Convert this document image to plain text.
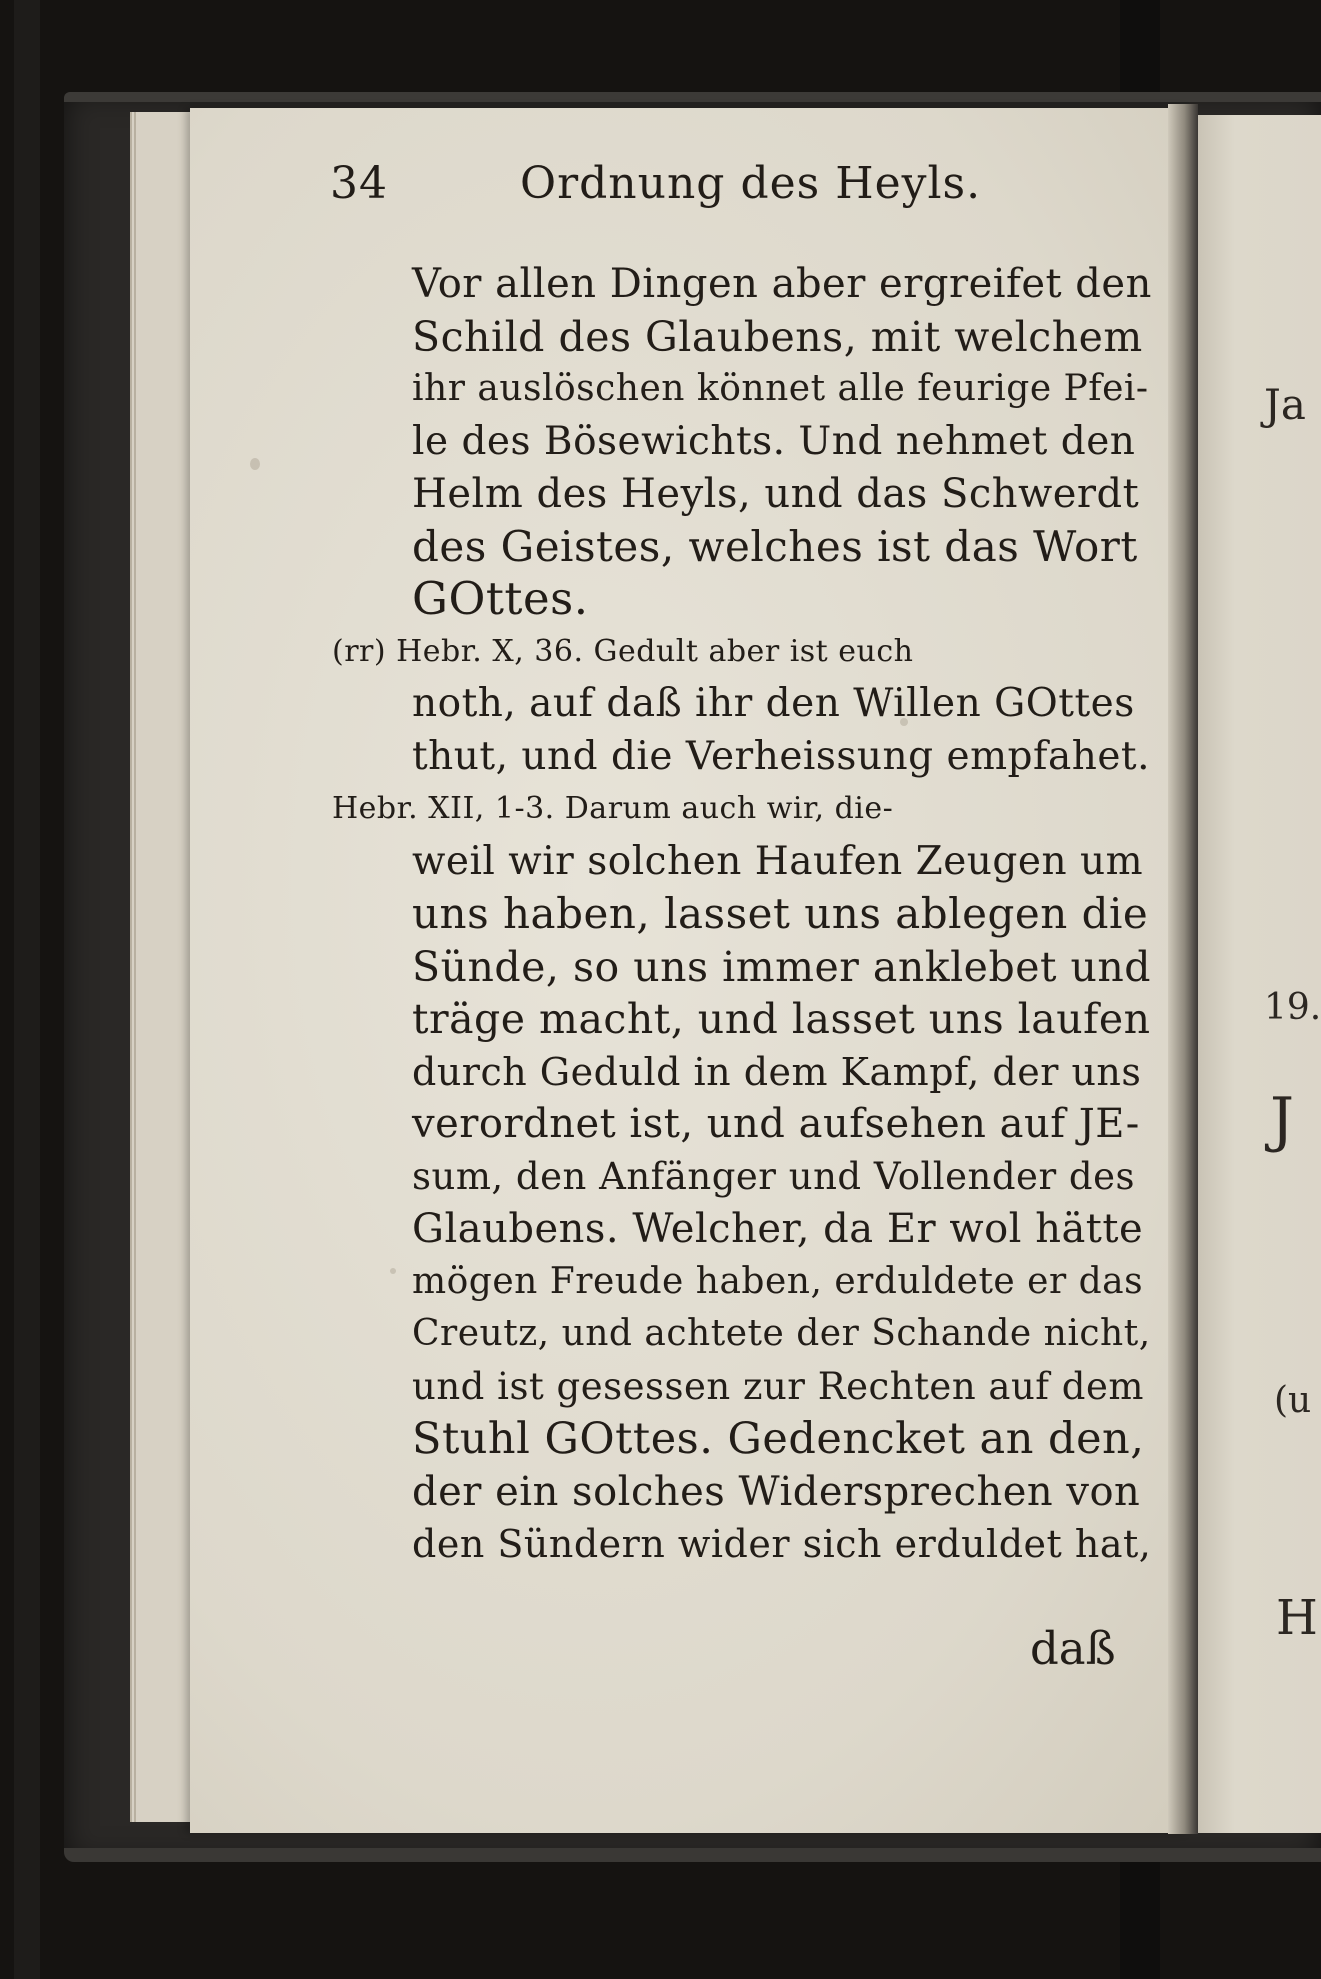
Ja
19.
J
(u
H
34	Ordnung des Heyls.
Vor allen Dingen aber ergreifet den
Schild des Glaubens, mit welchem
ihr auslöschen könnet alle feurige Pfei-
le des Bösewichts. Und nehmet den
Helm des Heyls, und das Schwerdt
des Geistes, welches ist das Wort
GOttes.
(rr) Hebr. X, 36. Gedult aber ist euch
noth, auf daß ihr den Willen GOttes
thut, und die Verheissung empfahet.
Hebr. XII, 1-3. Darum auch wir, die-
weil wir solchen Haufen Zeugen um
uns haben, lasset uns ablegen die
Sünde, so uns immer anklebet und
träge macht, und lasset uns laufen
durch Geduld in dem Kampf, der uns
verordnet ist, und aufsehen auf JE-
sum, den Anfänger und Vollender des
Glaubens. Welcher, da Er wol hätte
mögen Freude haben, erduldete er das
Creutz, und achtete der Schande nicht,
und ist gesessen zur Rechten auf dem
Stuhl GOttes. Gedencket an den,
der ein solches Widersprechen von
den Sündern wider sich erduldet hat,
daß
